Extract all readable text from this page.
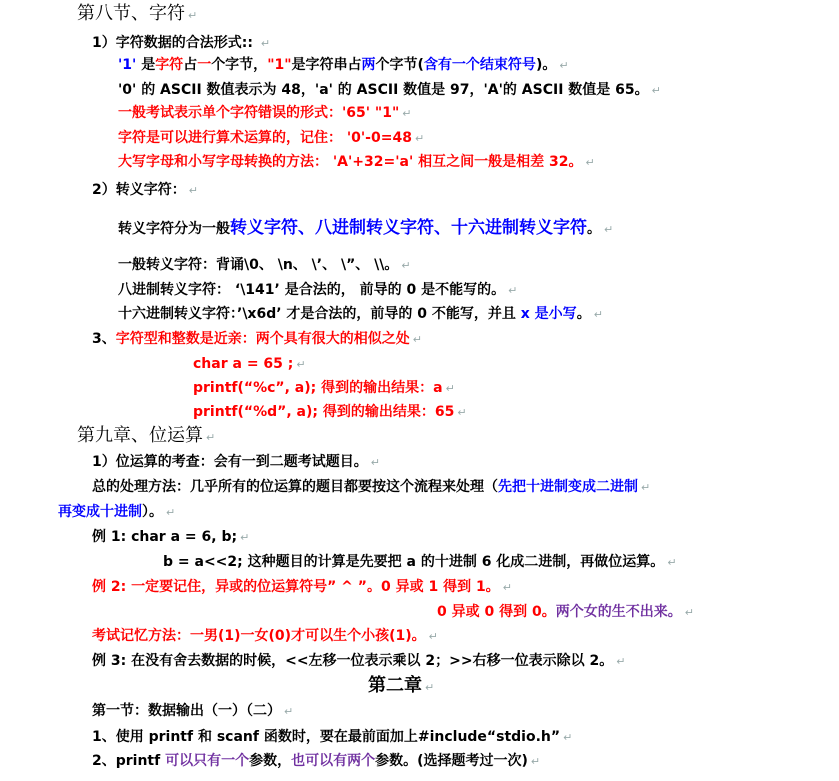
第八节、字符 ↵
1）字符数据的合法形式:: ↵
'1' 是字符占一个字节，"1"是字符串占两个字节(含有一个结束符号)。 ↵
'0' 的 ASCII 数值表示为 48，'a' 的 ASCII 数值是 97，'A'的 ASCII 数值是 65。 ↵
一般考试表示单个字符错误的形式：'65' "1" ↵
字符是可以进行算术运算的，记住： '0'-0=48 ↵
大写字母和小写字母转换的方法： 'A'+32='a' 相互之间一般是相差 32。 ↵
2）转义字符： ↵
转义字符分为一般转义字符、八进制转义字符、十六进制转义字符。 ↵
一般转义字符：背诵\0、 \n、 \’、 \”、 \\。 ↵
八进制转义字符： ‘\141’ 是合法的， 前导的 0 是不能写的。 ↵
十六进制转义字符：’\x6d’ 才是合法的，前导的 0 不能写，并且 x 是小写。 ↵
3、字符型和整数是近亲：两个具有很大的相似之处 ↵
char a = 65 ; ↵
printf(“%c”, a); 得到的输出结果：a ↵
printf(“%d”, a); 得到的输出结果：65 ↵
第九章、位运算 ↵
1）位运算的考查：会有一到二题考试题目。 ↵
总的处理方法：几乎所有的位运算的题目都要按这个流程来处理（先把十进制变成二进制 ↵
再变成十进制）。 ↵
例 1: char a = 6, b; ↵
b = a<<2; 这种题目的计算是先要把 a 的十进制 6 化成二进制，再做位运算。 ↵
例 2: 一定要记住，异或的位运算符号” ^ ”。0 异或 1 得到 1。 ↵
0 异或 0 得到 0。两个女的生不出来。 ↵
考试记忆方法：一男(1)一女(0)才可以生个小孩(1)。 ↵
例 3: 在没有舍去数据的时候，<<左移一位表示乘以 2；>>右移一位表示除以 2。 ↵
第二章 ↵
第一节：数据输出（一）（二） ↵
1、使用 printf 和 scanf 函数时，要在最前面加上#include“stdio.h” ↵
2、printf 可以只有一个参数，也可以有两个参数。(选择题考过一次) ↵
